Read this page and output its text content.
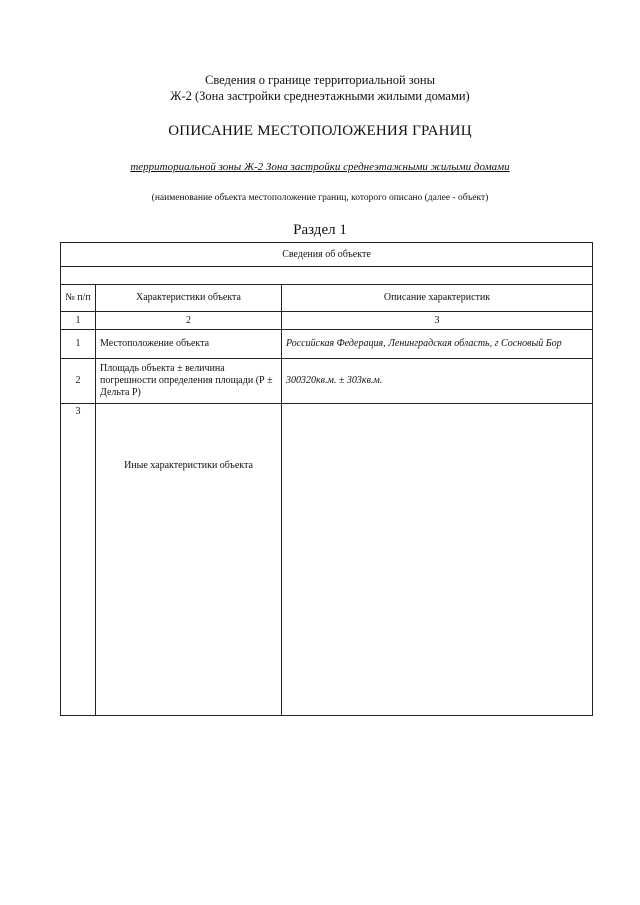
Сведения о границе территориальной зоны
Ж-2 (Зона застройки среднеэтажными жилыми домами)
ОПИСАНИЕ МЕСТОПОЛОЖЕНИЯ ГРАНИЦ
территориальной зоны Ж-2 Зона застройки среднеэтажными жилыми домами
(наименование объекта местоположение границ, которого описано (далее - объект)
Раздел 1
Сведения об объекте		

№ п/п	Характеристики объекта	Описание характеристик
1	2	3
1	Местоположение объекта	Российская Федерация, Ленинградская область, г Сосновый Бор
2	Площадь объекта ± величина погрешности определения площади (Р ± Дельта Р)	300320кв.м. ± 303кв.м.
3	Иные характеристики объекта	
